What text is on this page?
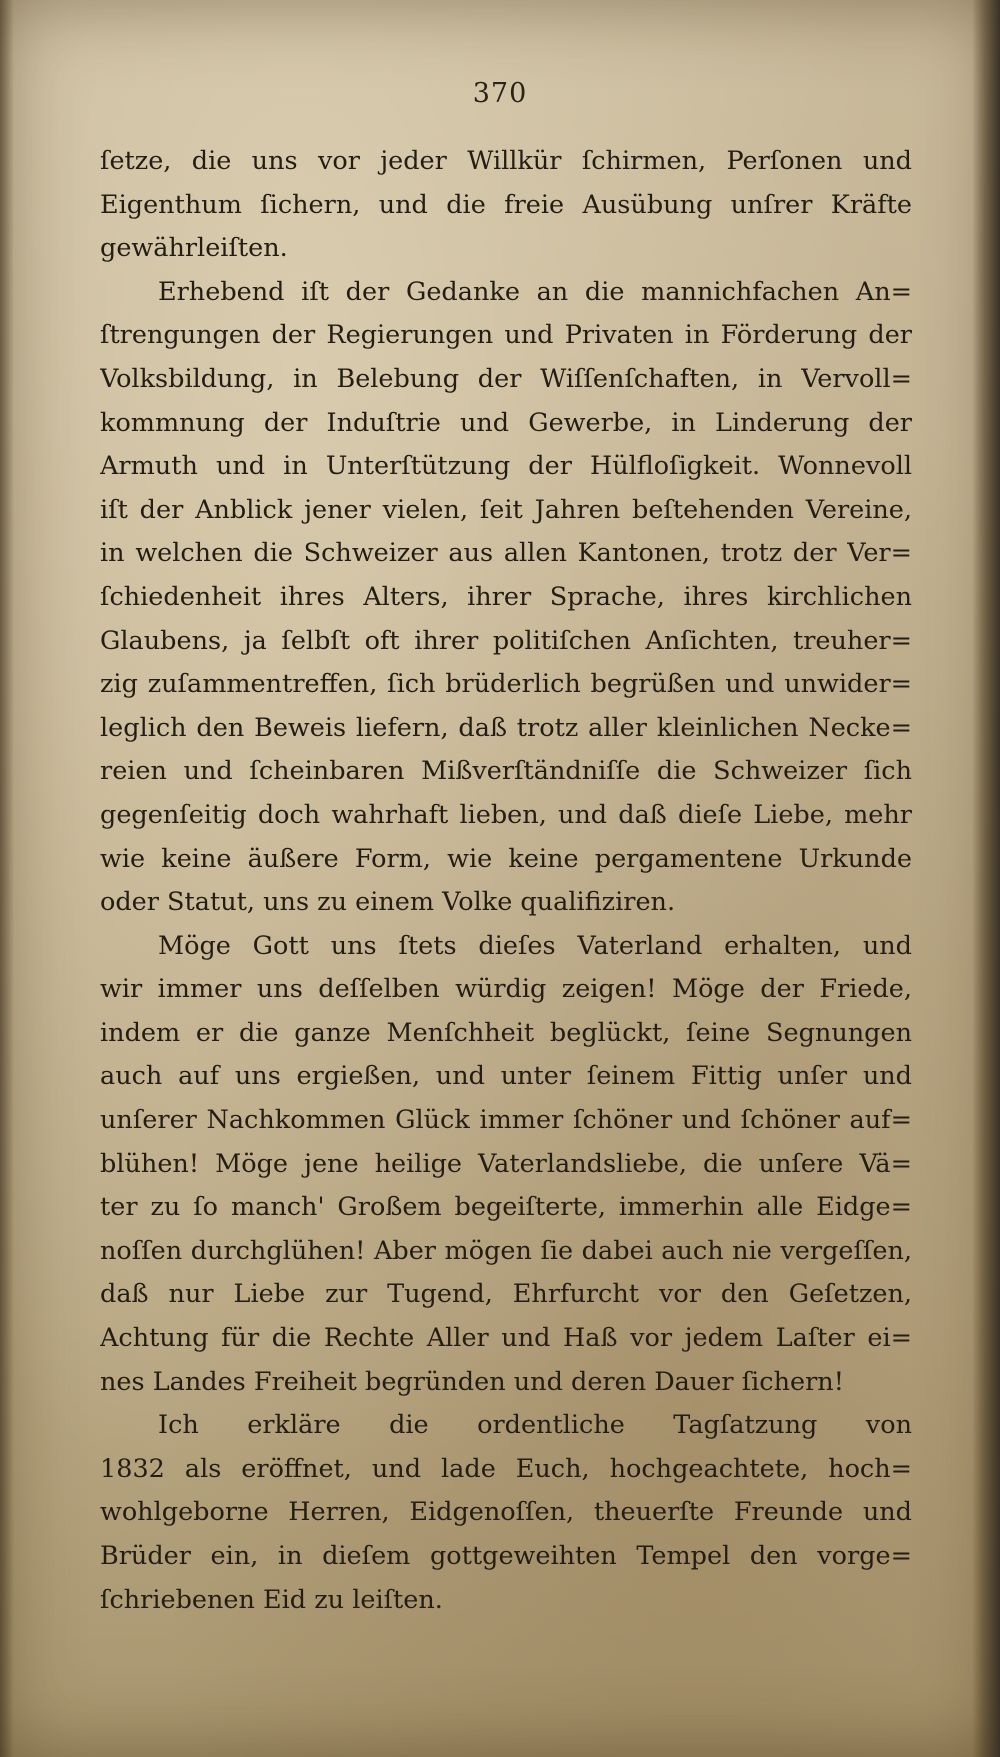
370
ſetze, die uns vor jeder Willkür ſchirmen, Perſonen und
Eigenthum ſichern, und die freie Ausübung unſrer Kräfte
gewährleiſten.
Erhebend iſt der Gedanke an die mannichfachen An=
ſtrengungen der Regierungen und Privaten in Förderung der
Volksbildung, in Belebung der Wiſſenſchaften, in Vervoll=
kommnung der Induſtrie und Gewerbe, in Linderung der
Armuth und in Unterſtützung der Hülfloſigkeit. Wonnevoll
iſt der Anblick jener vielen, ſeit Jahren beſtehenden Vereine,
in welchen die Schweizer aus allen Kantonen, trotz der Ver=
ſchiedenheit ihres Alters, ihrer Sprache, ihres kirchlichen
Glaubens, ja ſelbſt oft ihrer politiſchen Anſichten, treuher=
zig zuſammentreffen, ſich brüderlich begrüßen und unwider=
leglich den Beweis liefern, daß trotz aller kleinlichen Necke=
reien und ſcheinbaren Mißverſtändniſſe die Schweizer ſich
gegenſeitig doch wahrhaft lieben, und daß dieſe Liebe, mehr
wie keine äußere Form, wie keine pergamentene Urkunde
oder Statut, uns zu einem Volke qualifiziren.
Möge Gott uns ſtets dieſes Vaterland erhalten, und
wir immer uns deſſelben würdig zeigen! Möge der Friede,
indem er die ganze Menſchheit beglückt, ſeine Segnungen
auch auf uns ergießen, und unter ſeinem Fittig unſer und
unſerer Nachkommen Glück immer ſchöner und ſchöner auf=
blühen! Möge jene heilige Vaterlandsliebe, die unſere Vä=
ter zu ſo manch' Großem begeiſterte, immerhin alle Eidge=
noſſen durchglühen! Aber mögen ſie dabei auch nie vergeſſen,
daß nur Liebe zur Tugend, Ehrfurcht vor den Geſetzen,
Achtung für die Rechte Aller und Haß vor jedem Laſter ei=
nes Landes Freiheit begründen und deren Dauer ſichern!
Ich erkläre die ordentliche Tagſatzung von
1832 als eröffnet, und lade Euch, hochgeachtete, hoch=
wohlgeborne Herren, Eidgenoſſen, theuerſte Freunde und
Brüder ein, in dieſem gottgeweihten Tempel den vorge=
ſchriebenen Eid zu leiſten.
